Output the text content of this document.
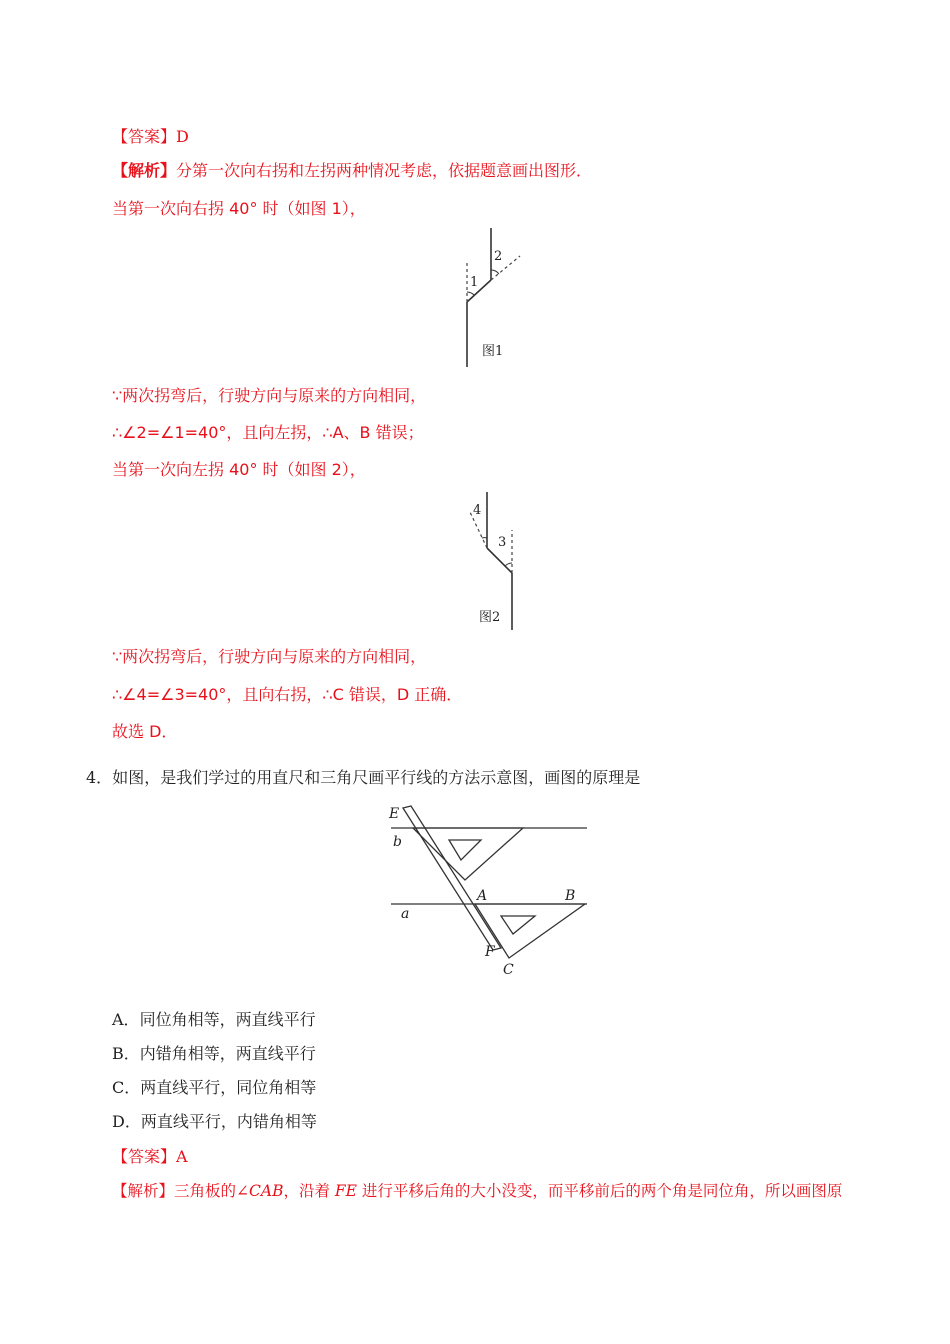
【答案】D
【解析】分第一次向右拐和左拐两种情况考虑，依据题意画出图形．
当第一次向右拐 40° 时（如图 1），
1
2
图1
∵两次拐弯后，行驶方向与原来的方向相同，
∴∠2=∠1=40°，且向左拐，∴A、B 错误；
当第一次向左拐 40° 时（如图 2），
3
4
图2
∵两次拐弯后，行驶方向与原来的方向相同，
∴∠4=∠3=40°，且向右拐，∴C 错误，D 正确．
故选 D．
4．如图，是我们学过的用直尺和三角尺画平行线的方法示意图，画图的原理是
E
b
A	B
a
F
C
A．同位角相等，两直线平行
B．内错角相等，两直线平行
C．两直线平行，同位角相等
D．两直线平行，内错角相等
【答案】A
【解析】三角板的∠CAB，沿着 FE 进行平移后角的大小没变，而平移前后的两个角是同位角，所以画图原
